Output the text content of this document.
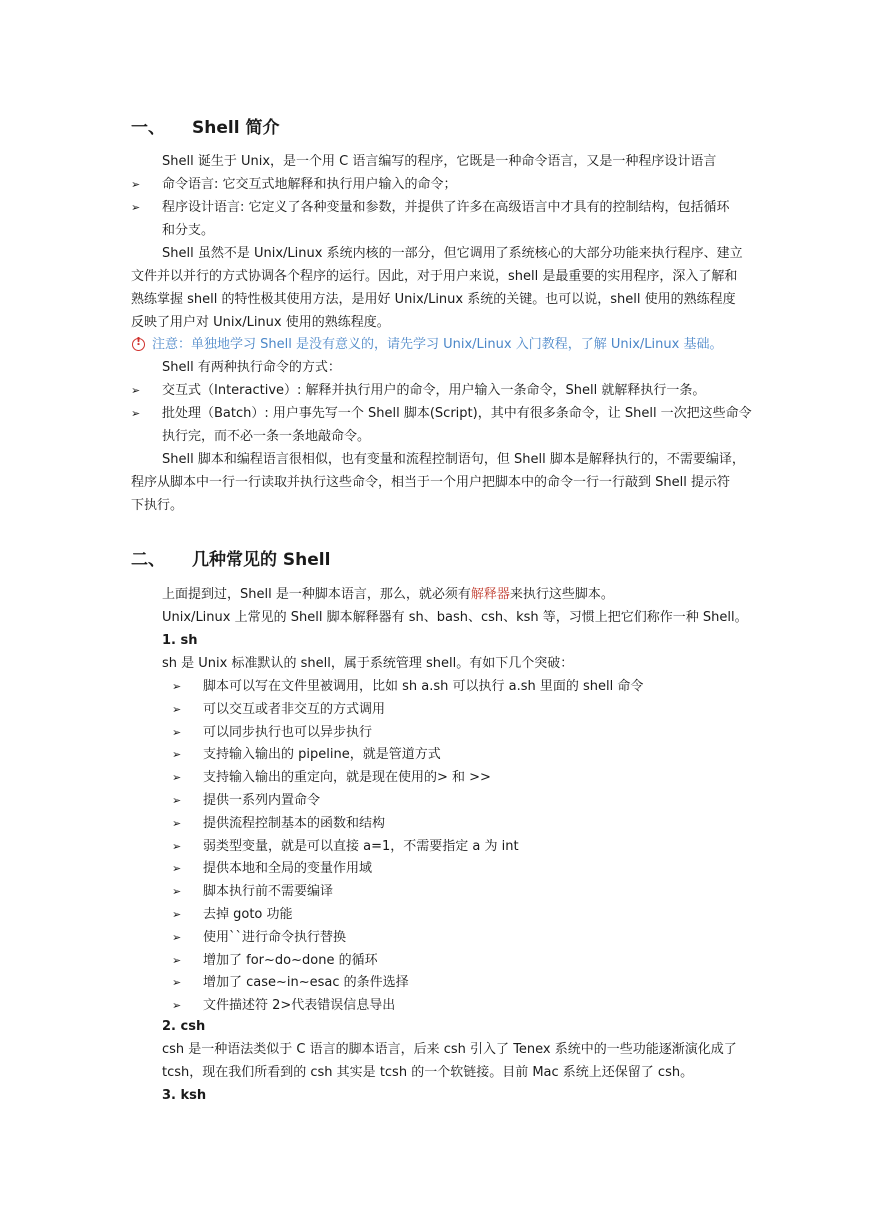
一、 Shell 简介
Shell 诞生于 Unix，是一个用 C 语言编写的程序，它既是一种命令语言，又是一种程序设计语言
➢ 命令语言: 它交互式地解释和执行用户输入的命令；
➢ 程序设计语言: 它定义了各种变量和参数，并提供了许多在高级语言中才具有的控制结构，包括循环
和分支。
Shell 虽然不是 Unix/Linux 系统内核的一部分，但它调用了系统核心的大部分功能来执行程序、建立
文件并以并行的方式协调各个程序的运行。因此，对于用户来说，shell 是最重要的实用程序，深入了解和
熟练掌握 shell 的特性极其使用方法，是用好 Unix/Linux 系统的关键。也可以说，shell 使用的熟练程度
反映了用户对 Unix/Linux 使用的熟练程度。
!
注意：单独地学习 Shell 是没有意义的，请先学习 Unix/Linux 入门教程，了解 Unix/Linux 基础。
Shell 有两种执行命令的方式：
➢ 交互式（Interactive）: 解释并执行用户的命令，用户输入一条命令，Shell 就解释执行一条。
➢ 批处理（Batch）: 用户事先写一个 Shell 脚本(Script)，其中有很多条命令，让 Shell 一次把这些命令
执行完，而不必一条一条地敲命令。
Shell 脚本和编程语言很相似，也有变量和流程控制语句，但 Shell 脚本是解释执行的，不需要编译，
程序从脚本中一行一行读取并执行这些命令，相当于一个用户把脚本中的命令一行一行敲到 Shell 提示符
下执行。
二、 几种常见的 Shell
上面提到过，Shell 是一种脚本语言，那么，就必须有解释器来执行这些脚本。
Unix/Linux 上常见的 Shell 脚本解释器有 sh、bash、csh、ksh 等，习惯上把它们称作一种 Shell。
1. sh
sh 是 Unix 标准默认的 shell，属于系统管理 shell。有如下几个突破：
➢ 脚本可以写在文件里被调用，比如 sh a.sh 可以执行 a.sh 里面的 shell 命令
➢ 可以交互或者非交互的方式调用
➢ 可以同步执行也可以异步执行
➢ 支持输入输出的 pipeline，就是管道方式
➢ 支持输入输出的重定向，就是现在使用的> 和 >>
➢ 提供一系列内置命令
➢ 提供流程控制基本的函数和结构
➢ 弱类型变量，就是可以直接 a=1，不需要指定 a 为 int
➢ 提供本地和全局的变量作用域
➢ 脚本执行前不需要编译
➢ 去掉 goto 功能
➢ 使用``进行命令执行替换
➢ 增加了 for~do~done 的循环
➢ 增加了 case~in~esac 的条件选择
➢ 文件描述符 2>代表错误信息导出
2. csh
csh 是一种语法类似于 C 语言的脚本语言，后来 csh 引入了 Tenex 系统中的一些功能逐渐演化成了
tcsh，现在我们所看到的 csh 其实是 tcsh 的一个软链接。目前 Mac 系统上还保留了 csh。
3. ksh
